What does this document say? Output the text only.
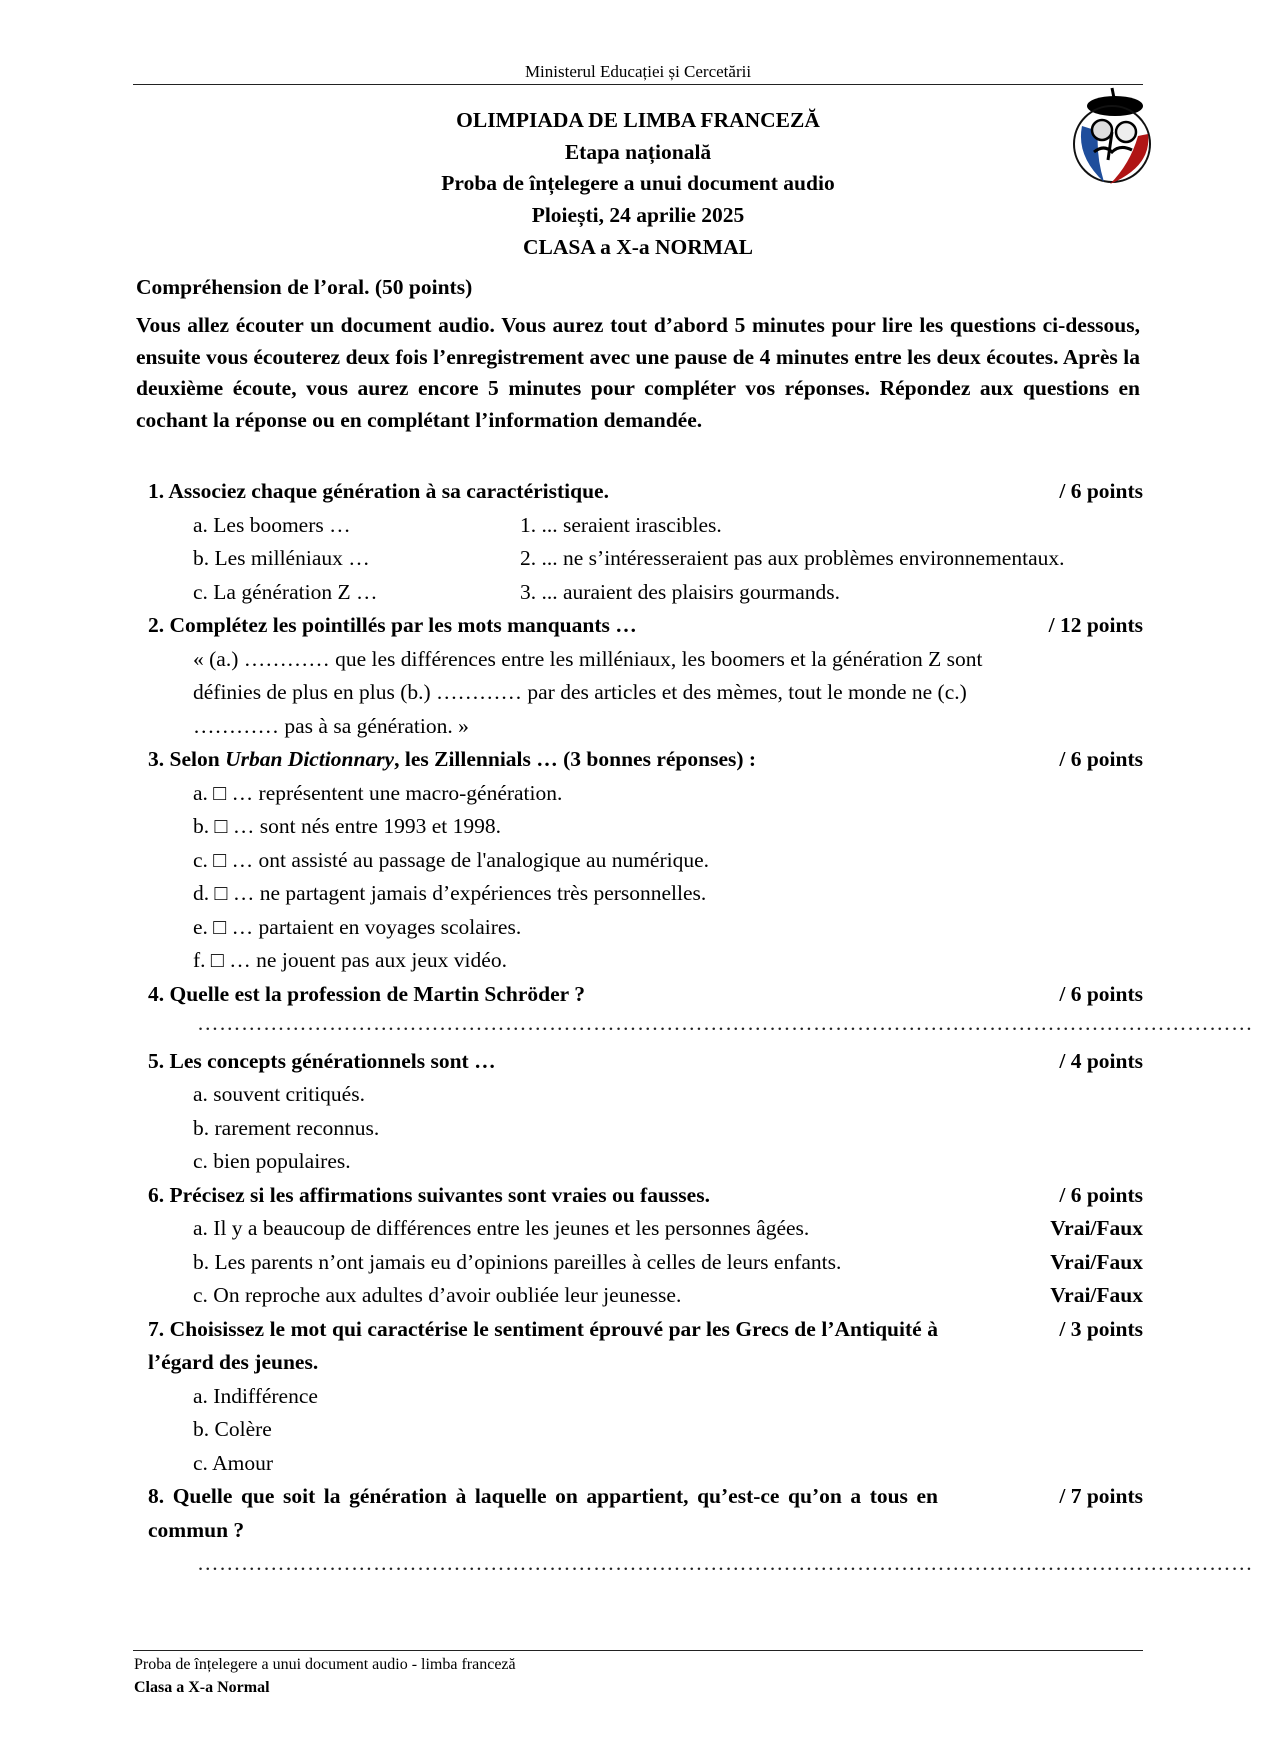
Ministerul Educației și Cercetării
OLIMPIADA DE LIMBA FRANCEZĂ
Etapa națională
Proba de înțelegere a unui document audio
Ploiești, 24 aprilie 2025
CLASA a X-a NORMAL
Compréhension de l’oral. (50 points)
Vous allez écouter un document audio. Vous aurez tout d’abord 5 minutes pour lire les questions ci-dessous, ensuite vous écouterez deux fois l’enregistrement avec une pause de 4 minutes entre les deux écoutes. Après la deuxième écoute, vous aurez encore 5 minutes pour compléter vos réponses. Répondez aux questions en cochant la réponse ou en complétant l’information demandée.
1. Associez chaque génération à sa caractéristique.	/ 6 points
a. Les boomers …	1. ... seraient irascibles.
b. Les milléniaux …	2. ... ne s’intéresseraient pas aux problèmes environnementaux.
c. La génération Z …	3. ... auraient des plaisirs gourmands.
2. Complétez les pointillés par les mots manquants …	/ 12 points
« (a.) ………… que les différences entre les milléniaux, les boomers et la génération Z sont
définies de plus en plus (b.) ………… par des articles et des mèmes, tout le monde ne (c.)
………… pas à sa génération. »
3. Selon Urban Dictionnary, les Zillennials … (3 bonnes réponses) :	/ 6 points
a. □ … représentent une macro-génération.
b. □ … sont nés entre 1993 et 1998.
c. □ … ont assisté au passage de l'analogique au numérique.
d. □ … ne partagent jamais d’expériences très personnelles.
e. □ … partaient en voyages scolaires.
f. □ … ne jouent pas aux jeux vidéo.
4. Quelle est la profession de Martin Schröder ?	/ 6 points
………………………………………………………………………………………………………………………………
5. Les concepts générationnels sont …	/ 4 points
a. souvent critiqués.
b. rarement reconnus.
c. bien populaires.
6. Précisez si les affirmations suivantes sont vraies ou fausses.	/ 6 points
a. Il y a beaucoup de différences entre les jeunes et les personnes âgées.	Vrai/Faux
b. Les parents n’ont jamais eu d’opinions pareilles à celles de leurs enfants.	Vrai/Faux
c. On reproche aux adultes d’avoir oubliée leur jeunesse.	Vrai/Faux
7. Choisissez le mot qui caractérise le sentiment éprouvé par les Grecs de l’Antiquité à l’égard des jeunes.
/ 3 points
a. Indifférence
b. Colère
c. Amour
8. Quelle que soit la génération à laquelle on appartient, qu’est-ce qu’on a tous en commun ?
/ 7 points
………………………………………………………………………………………………………………………………
Proba de înțelegere a unui document audio - limba franceză
Clasa a X-a Normal
